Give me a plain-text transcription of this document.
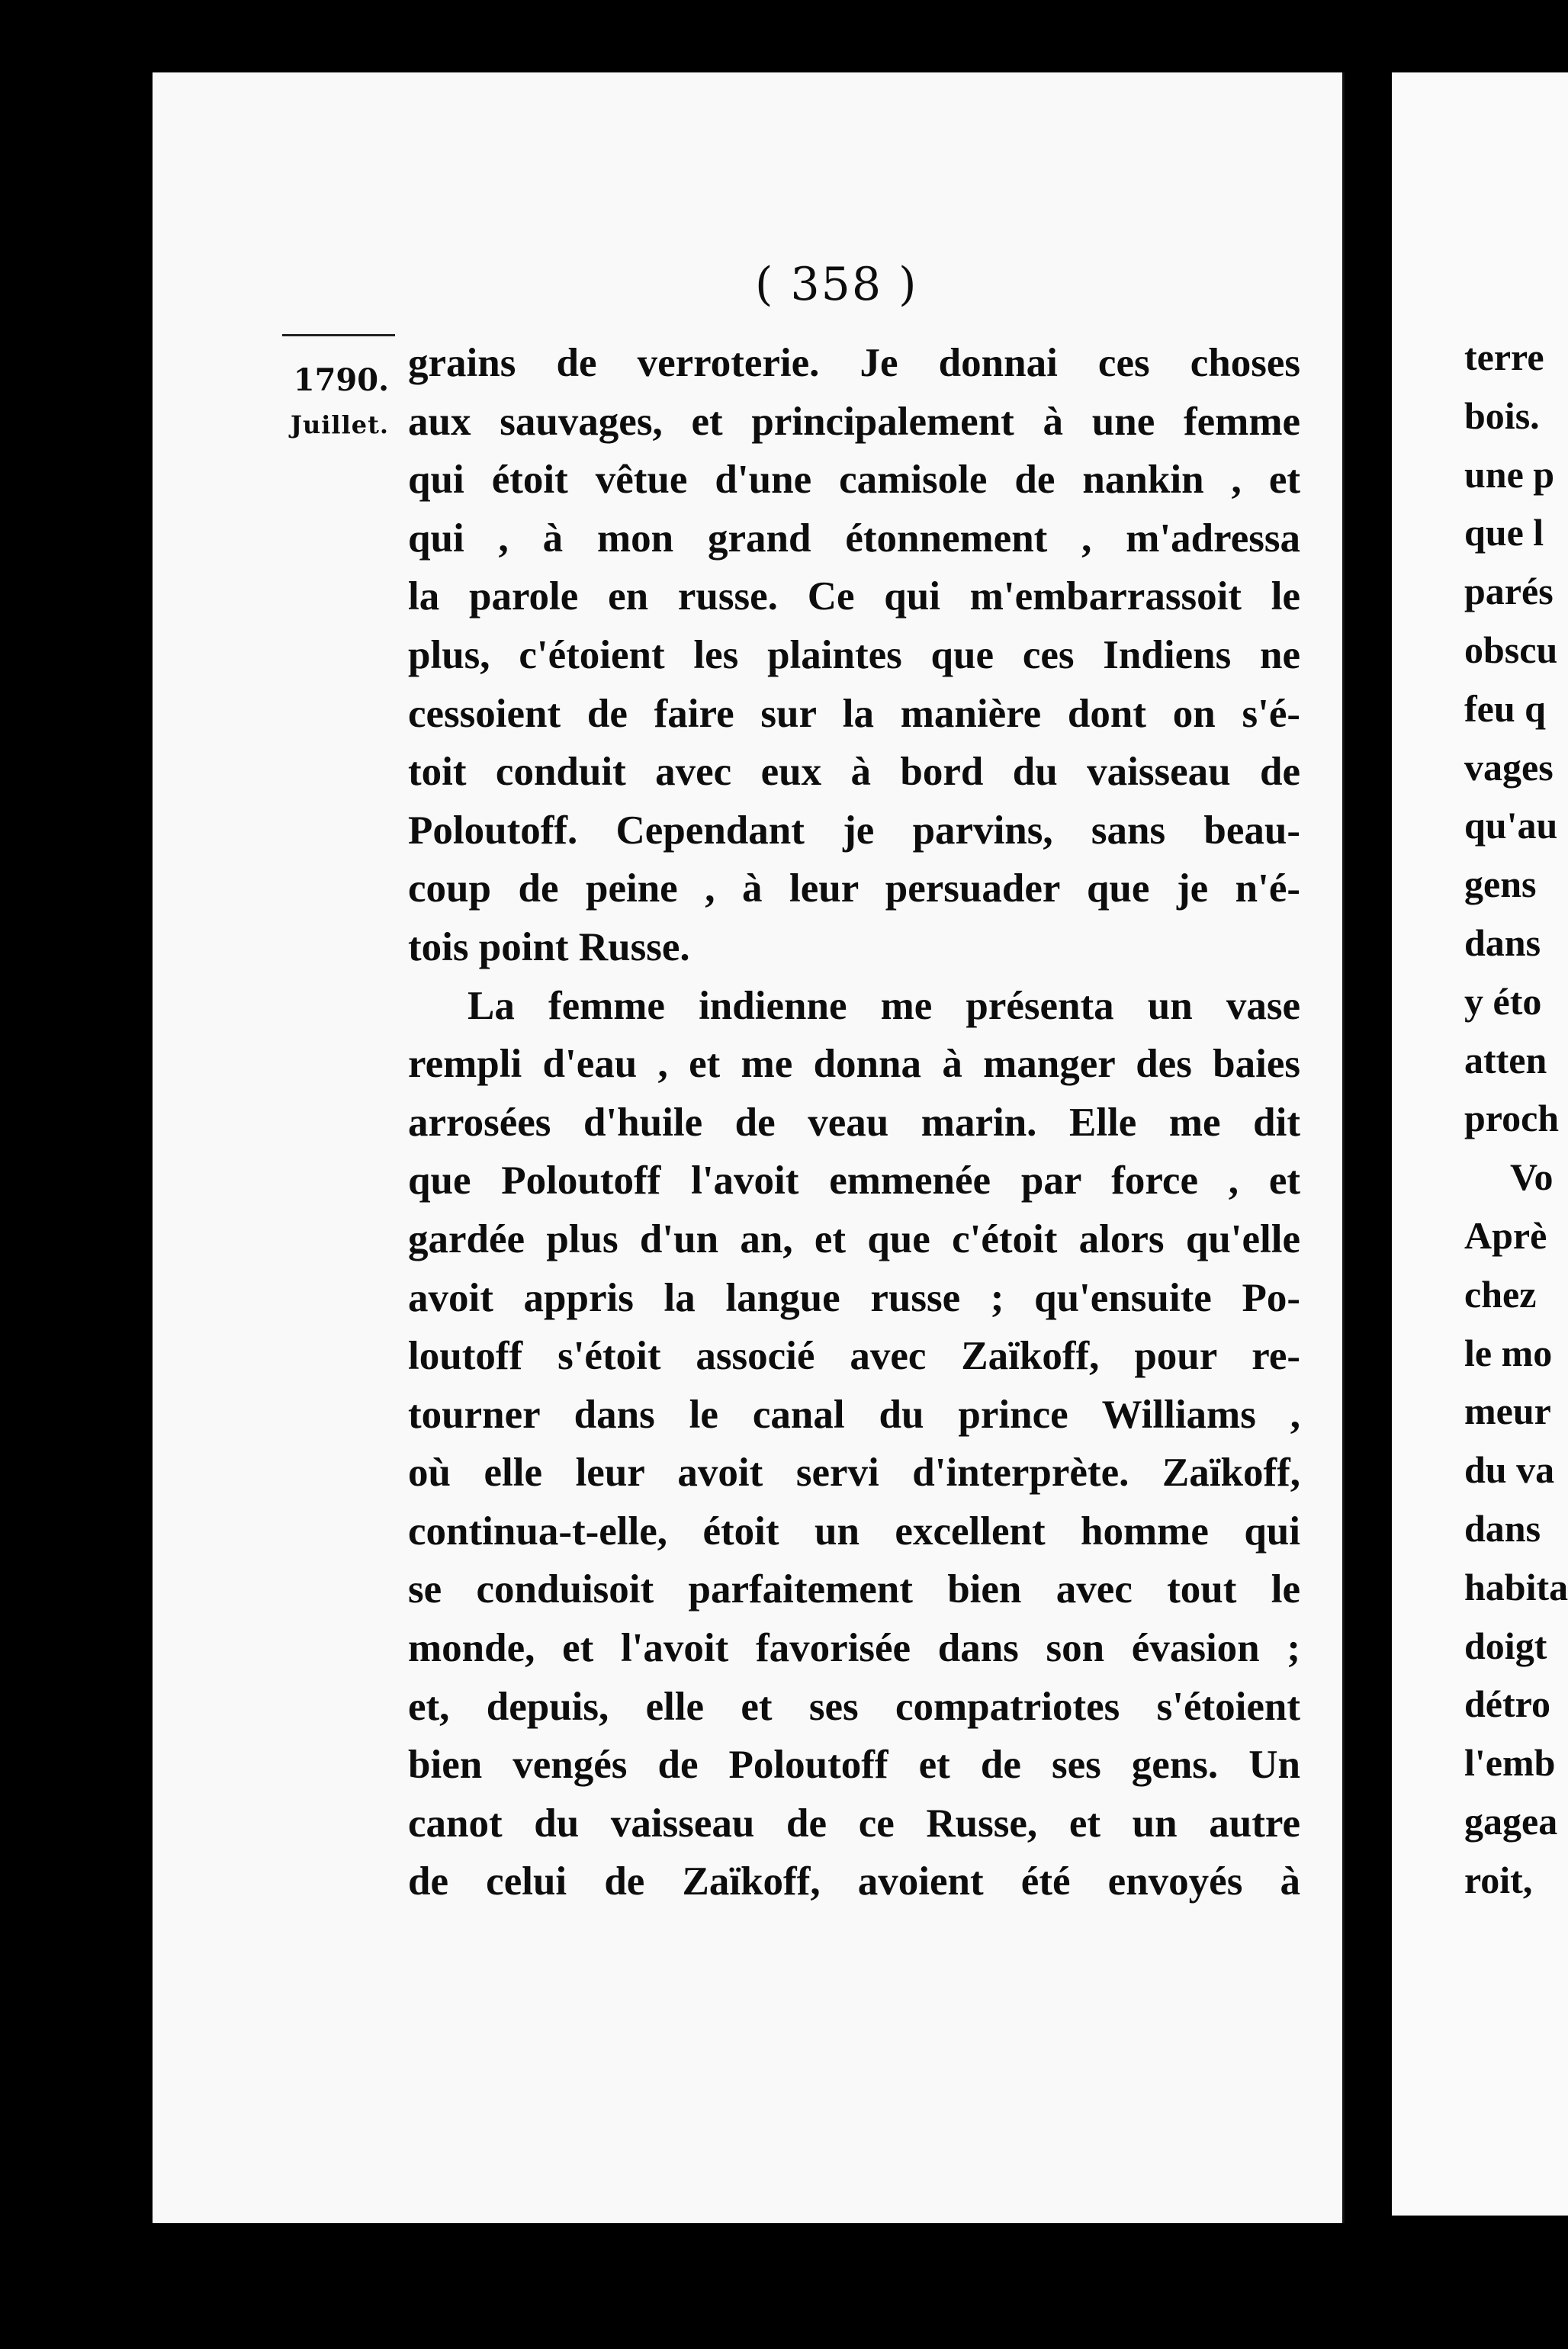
( 358 )
1790.
Juillet.
grains de verroterie. Je donnai ces choses
aux sauvages, et principalement à une femme
qui étoit vêtue d'une camisole de nankin , et
qui , à mon grand étonnement , m'adressa
la parole en russe. Ce qui m'embarrassoit le
plus, c'étoient les plaintes que ces Indiens ne
cessoient de faire sur la manière dont on s'é-
toit conduit avec eux à bord du vaisseau de
Poloutoff. Cependant je parvins, sans beau-
coup de peine , à leur persuader que je n'é-
tois point Russe.
La femme indienne me présenta un vase
rempli d'eau , et me donna à manger des baies
arrosées d'huile de veau marin. Elle me dit
que Poloutoff l'avoit emmenée par force , et
gardée plus d'un an, et que c'étoit alors qu'elle
avoit appris la langue russe ; qu'ensuite Po-
loutoff s'étoit associé avec Zaïkoff, pour re-
tourner dans le canal du prince Williams ,
où elle leur avoit servi d'interprète. Zaïkoff,
continua-t-elle, étoit un excellent homme qui
se conduisoit parfaitement bien avec tout le
monde, et l'avoit favorisée dans son évasion ;
et, depuis, elle et ses compatriotes s'étoient
bien vengés de Poloutoff et de ses gens. Un
canot du vaisseau de ce Russe, et un autre
de celui de Zaïkoff, avoient été envoyés à
terre
bois.
une p
que l
parés
obscu
feu q
vages
qu'au
gens
dans
y éto
atten
proch
Vo
Aprè
chez
le mo
meur
du va
dans
habita
doigt
détro
l'emb
gagea
roit,
